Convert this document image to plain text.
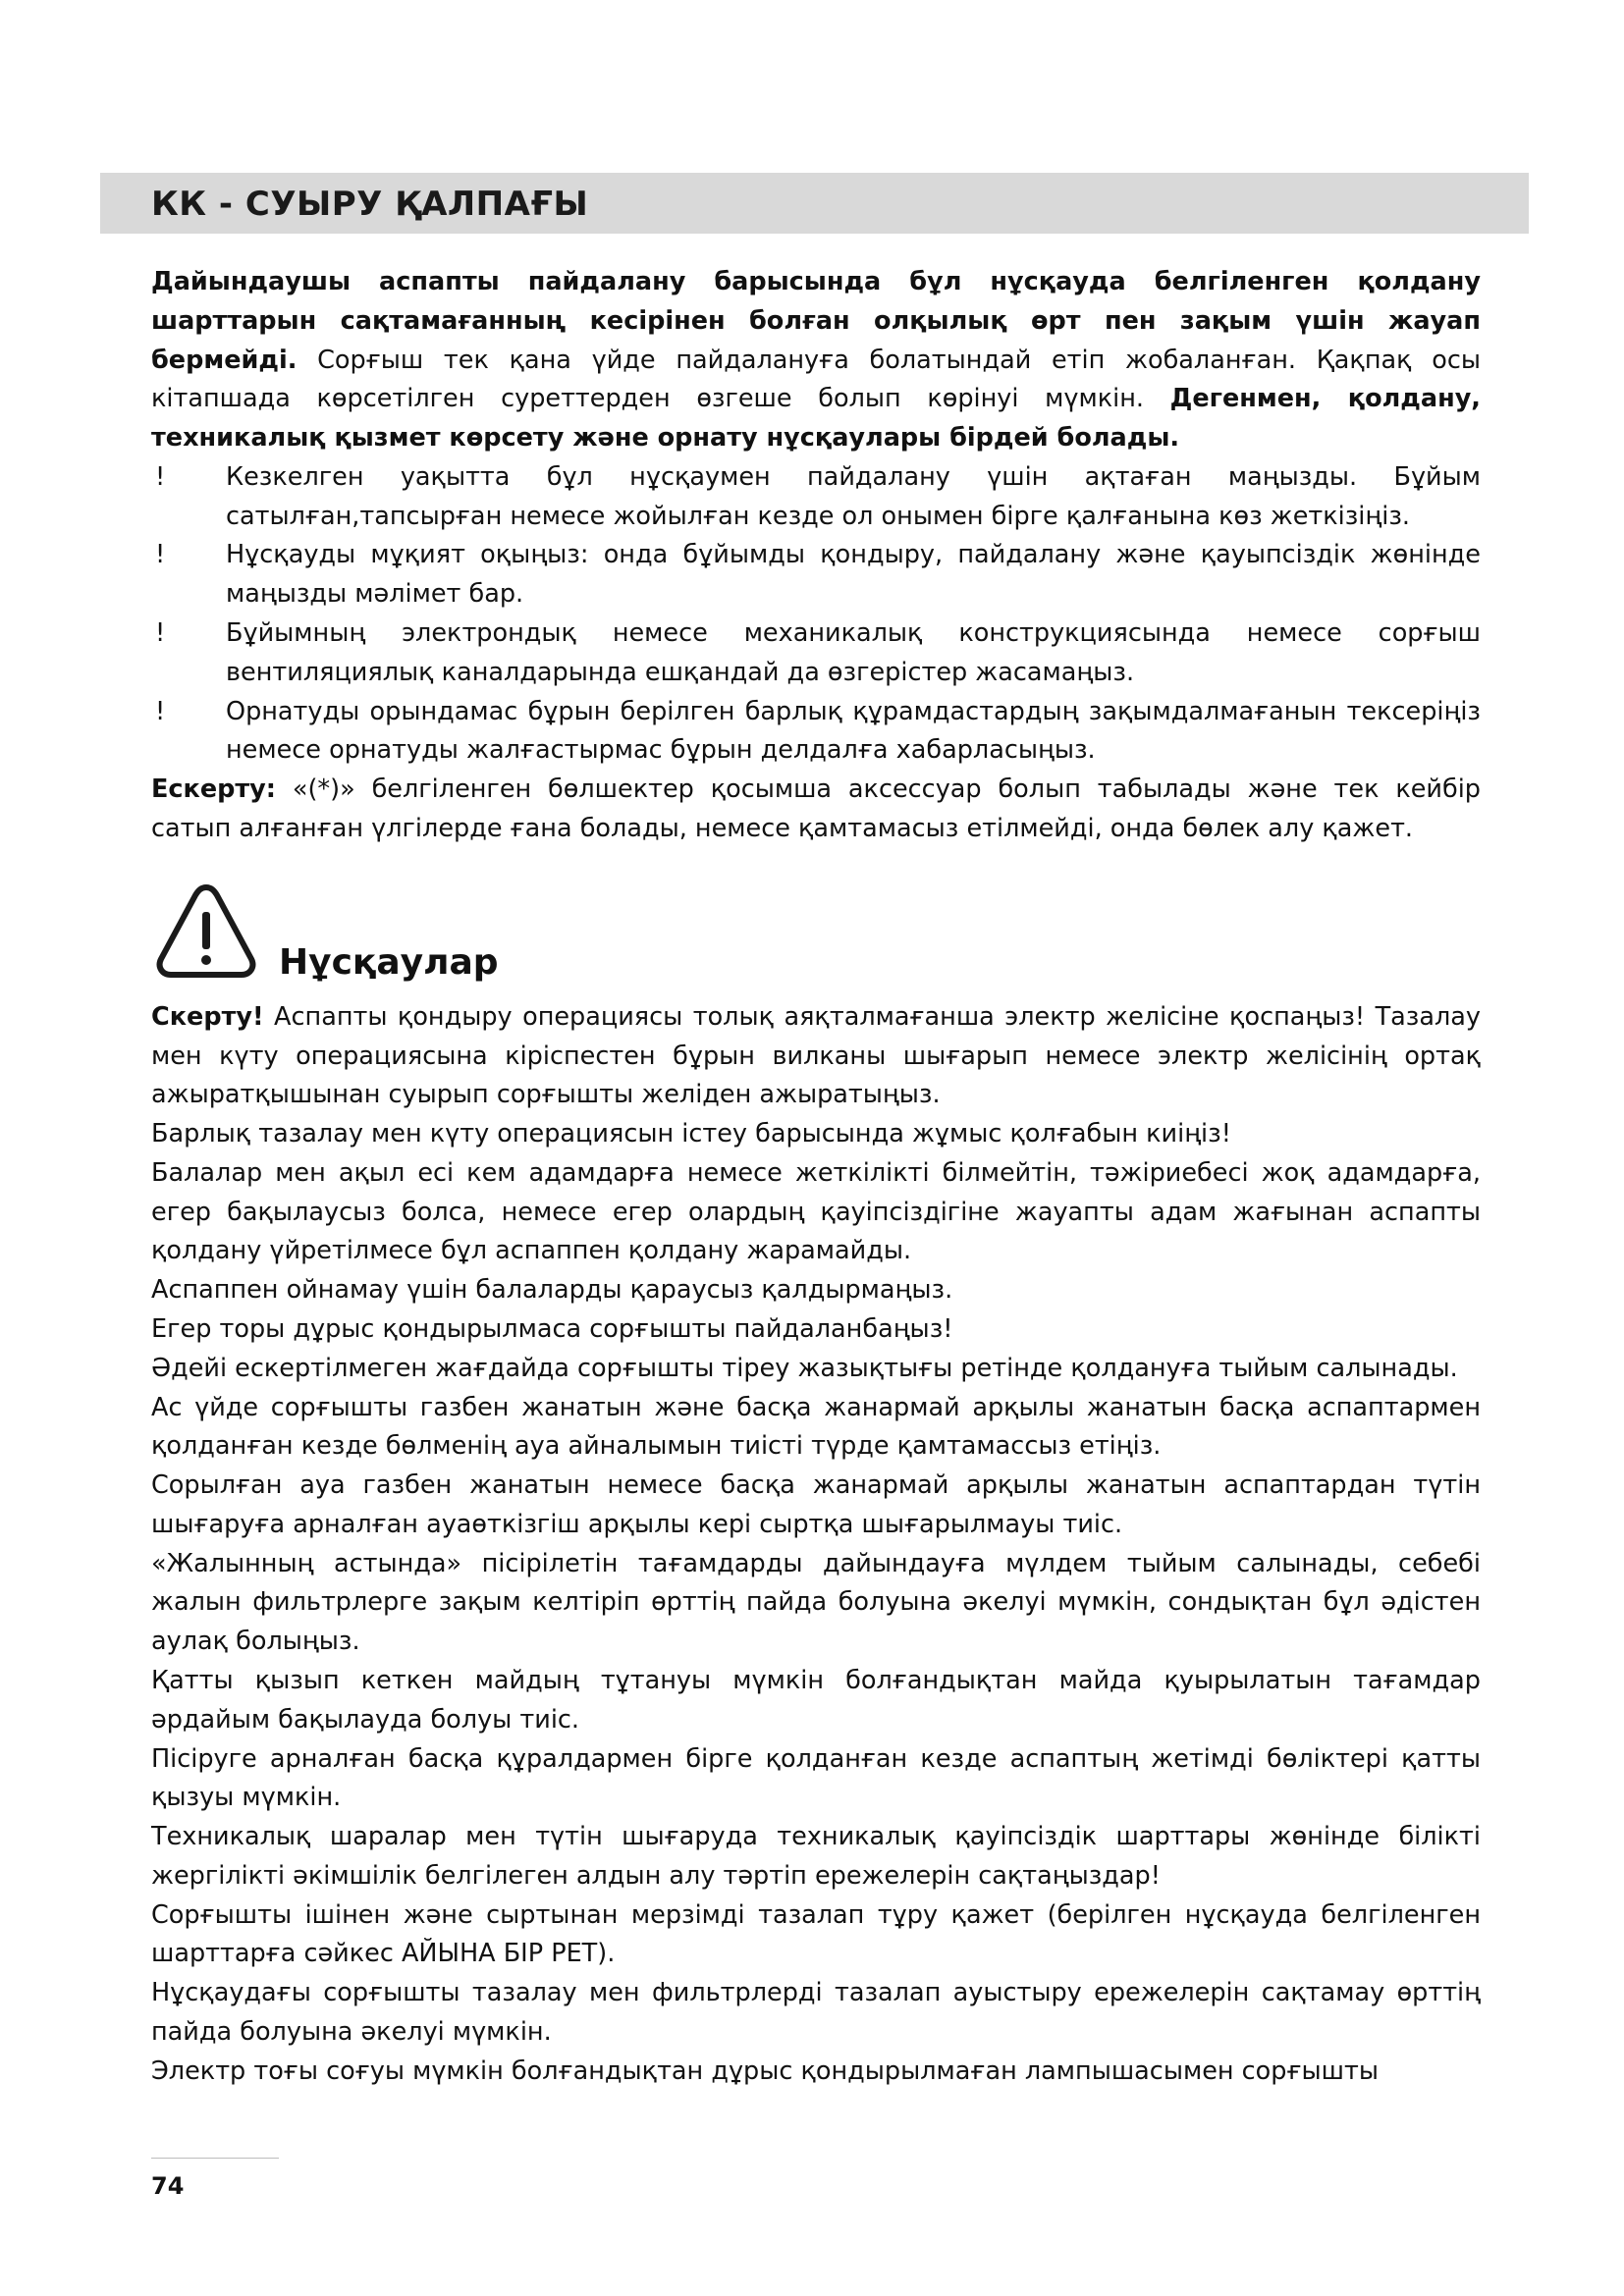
КК - СУЫРУ ҚАЛПАҒЫ

Дайындаушы аспапты пайдалану барысында бұл нұсқауда белгіленген қолдану шарттарын сақтамағанның кесірінен болған олқылық өрт пен зақым үшін жауап бермейді. Сорғыш тек қана үйде пайдалануға болатындай етіп жобаланған. Қақпақ осы кітапшада көрсетілген суреттерден өзгеше болып көрінуі мүмкін. Дегенмен, қолдану, техникалық қызмет көрсету және орнату нұсқаулары бірдей болады.

! Кезкелген уақытта бұл нұсқаумен пайдалану үшін ақтаған маңызды. Бұйым сатылған,тапсырған немесе жойылған кезде ол онымен бірге қалғанына көз жеткізіңіз.
! Нұсқауды мұқият оқыңыз: онда бұйымды қондыру, пайдалану және қауыпсіздік жөнінде маңызды мәлімет бар.
! Бұйымның электрондық немесе механикалық конструкциясында немесе сорғыш вентиляциялық каналдарында ешқандай да өзгерістер жасамаңыз.
! Орнатуды орындамас бұрын берілген барлық құрамдастардың зақымдалмағанын тексеріңіз немесе орнатуды жалғастырмас бұрын делдалға хабарласыңыз.

Ескерту: «(*)» белгіленген бөлшектер қосымша аксессуар болып табылады және тек кейбір сатып алғанған үлгілерде ғана болады, немесе қамтамасыз етілмейді, онда бөлек алу қажет.

Нұсқаулар

Скерту! Аспапты қондыру операциясы толық аяқталмағанша электр желісіне қоспаңыз! Тазалау мен күту операциясына кіріспестен бұрын вилканы шығарып немесе электр желісінің ортақ ажыратқышынан суырып сорғышты желіден ажыратыңыз.

Барлық тазалау мен күту операциясын істеу барысында жұмыс қолғабын киіңіз!

Балалар мен ақыл есі кем адамдарға немесе жеткілікті білмейтін, тәжіриебесі жоқ адамдарға, егер бақылаусыз болса, немесе егер олардың қауіпсіздігіне жауапты адам жағынан аспапты қолдану үйретілмесе бұл аспаппен қолдану жарамайды.

Аспаппен ойнамау үшін балаларды қараусыз қалдырмаңыз.

Егер торы дұрыс қондырылмаса сорғышты пайдаланбаңыз!

Әдейі ескертілмеген жағдайда сорғышты тіреу жазықтығы ретінде қолдануға тыйым салынады.

Ас үйде сорғышты газбен жанатын және басқа жанармай арқылы жанатын басқа аспаптармен қолданған кезде бөлменің ауа айналымын тиісті түрде қамтамассыз етіңіз.

Сорылған ауа газбен жанатын немесе басқа жанармай арқылы жанатын аспаптардан түтін шығаруға арналған ауаөткізгіш арқылы кері сыртқа шығарылмауы тиіс.

«Жалынның астында» пісірілетін тағамдарды дайындауға мүлдем тыйым салынады, себебі жалын фильтрлерге зақым келтіріп өрттің пайда болуына әкелуі мүмкін, сондықтан бұл әдістен аулақ болыңыз.

Қатты қызып кеткен майдың тұтануы мүмкін болғандықтан майда қуырылатын тағамдар әрдайым бақылауда болуы тиіс.

Пісіруге арналған басқа құралдармен бірге қолданған кезде аспаптың жетімді бөліктері қатты қызуы мүмкін.

Техникалық шаралар мен түтін шығаруда техникалық қауіпсіздік шарттары жөнінде білікті жергілікті әкімшілік белгілеген алдын алу тәртіп ережелерін сақтаңыздар!

Сорғышты ішінен және сыртынан мерзімді тазалап тұру қажет (берілген нұсқауда белгіленген шарттарға сәйкес АЙЫНА БІР РЕТ).

Нұсқаудағы сорғышты тазалау мен фильтрлерді тазалап ауыстыру ережелерін сақтамау өрттің пайда болуына әкелуі мүмкін.

Электр тоғы соғуы мүмкін болғандықтан дұрыс қондырылмаған лампышасымен сорғышты

74
